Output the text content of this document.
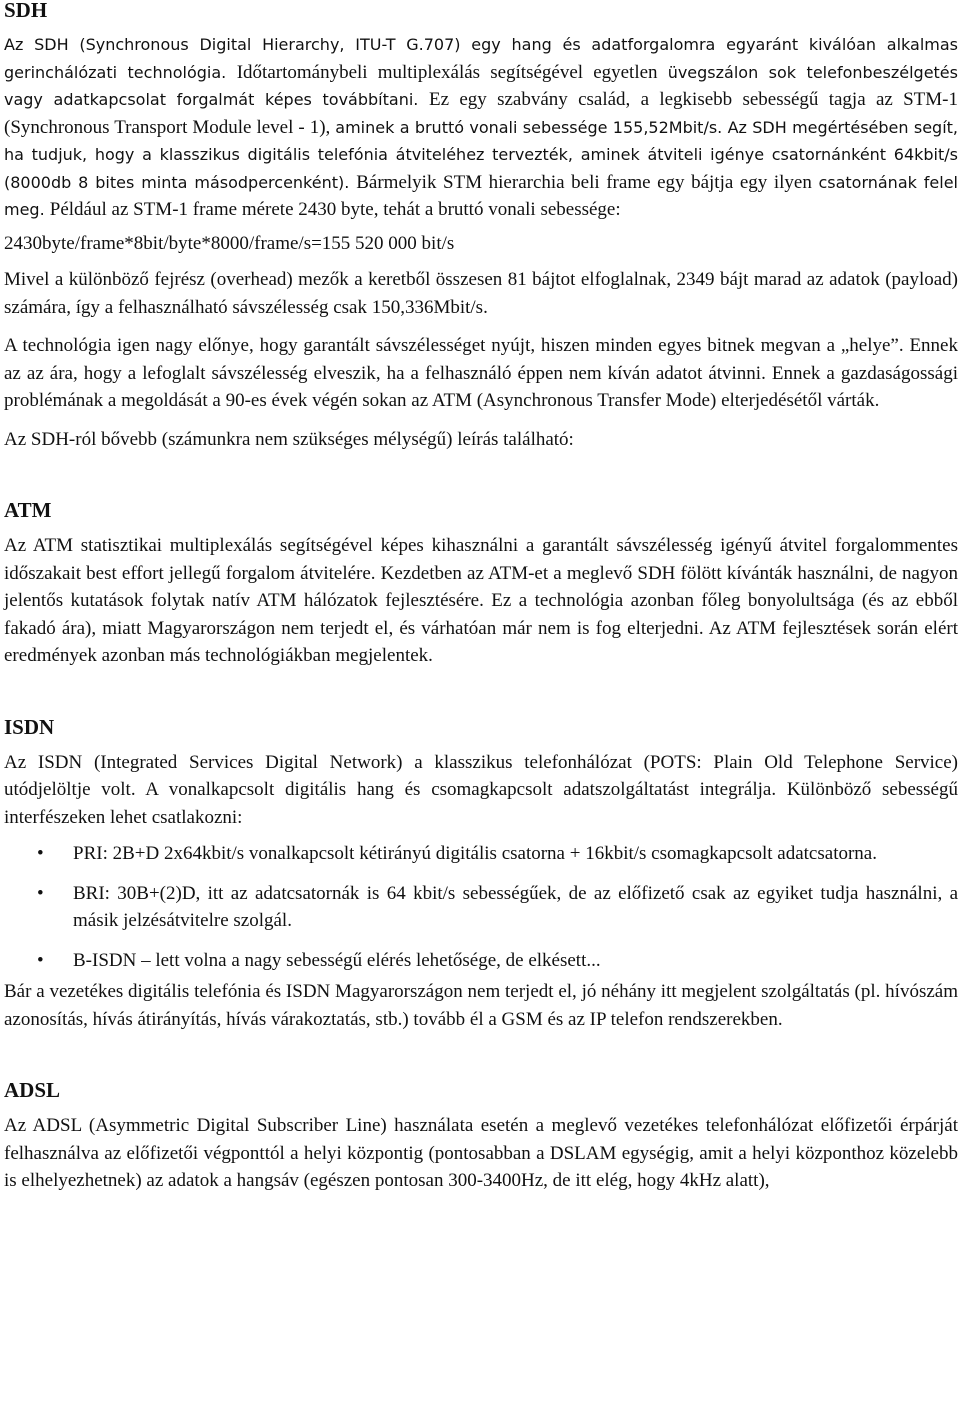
SDH

Az SDH (Synchronous Digital Hierarchy, ITU-T G.707) egy hang és adatforgalomra egyaránt kiválóan alkalmas gerinchálózati technológia. Időtartománybeli multiplexálás segítségével egyetlen üvegszálon sok telefonbeszélgetés vagy adatkapcsolat forgalmát képes továbbítani. Ez egy szabvány család, a legkisebb sebességű tagja az STM-1 (Synchronous Transport Module level - 1), aminek a bruttó vonali sebessége 155,52Mbit/s. Az SDH megértésében segít, ha tudjuk, hogy a klasszikus digitális telefónia átviteléhez tervezték, aminek átviteli igénye csatornánként 64kbit/s (8000db 8 bites minta másodpercenként). Bármelyik STM hierarchia beli frame egy bájtja egy ilyen csatornának felel meg. Például az STM-1 frame mérete 2430 byte, tehát a bruttó vonali sebessége:

2430byte/frame*8bit/byte*8000/frame/s=155 520 000 bit/s

Mivel a különböző fejrész (overhead) mezők a keretből összesen 81 bájtot elfoglalnak, 2349 bájt marad az adatok (payload) számára, így a felhasználható sávszélesség csak 150,336Mbit/s.

A technológia igen nagy előnye, hogy garantált sávszélességet nyújt, hiszen minden egyes bitnek megvan a „helye”. Ennek az az ára, hogy a lefoglalt sávszélesség elveszik, ha a felhasználó éppen nem kíván adatot átvinni. Ennek a gazdaságossági problémának a megoldását a 90-es évek végén sokan az ATM (Asynchronous Transfer Mode) elterjedésétől várták.

Az SDH-ról bővebb (számunkra nem szükséges mélységű) leírás található:

ATM

Az ATM statisztikai multiplexálás segítségével képes kihasználni a garantált sávszélesség igényű átvitel forgalommentes időszakait best effort jellegű forgalom átvitelére. Kezdetben az ATM-et a meglevő SDH fölött kívánták használni, de nagyon jelentős kutatások folytak natív ATM hálózatok fejlesztésére. Ez a technológia azonban főleg bonyolultsága (és az ebből fakadó ára), miatt Magyarországon nem terjedt el, és várhatóan már nem is fog elterjedni. Az ATM fejlesztések során elért eredmények azonban más technológiákban megjelentek.

ISDN

Az ISDN (Integrated Services Digital Network) a klasszikus telefonhálózat (POTS: Plain Old Telephone Service) utódjelöltje volt. A vonalkapcsolt digitális hang és csomagkapcsolt adatszolgáltatást integrálja. Különböző sebességű interfészeken lehet csatlakozni:

• PRI: 2B+D 2x64kbit/s vonalkapcsolt kétirányú digitális csatorna + 16kbit/s csomagkapcsolt adatcsatorna.
• BRI: 30B+(2)D, itt az adatcsatornák is 64 kbit/s sebességűek, de az előfizető csak az egyiket tudja használni, a másik jelzésátvitelre szolgál.
• B-ISDN – lett volna a nagy sebességű elérés lehetősége, de elkésett...

Bár a vezetékes digitális telefónia és ISDN Magyarországon nem terjedt el, jó néhány itt megjelent szolgáltatás (pl. hívószám azonosítás, hívás átirányítás, hívás várakoztatás, stb.) tovább él a GSM és az IP telefon rendszerekben.

ADSL

Az ADSL (Asymmetric Digital Subscriber Line) használata esetén a meglevő vezetékes telefonhálózat előfizetői érpárját felhasználva az előfizetői végponttól a helyi központig (pontosabban a DSLAM egységig, amit a helyi központhoz közelebb is elhelyezhetnek) az adatok a hangsáv (egészen pontosan 300-3400Hz, de itt elég, hogy 4kHz alatt),
